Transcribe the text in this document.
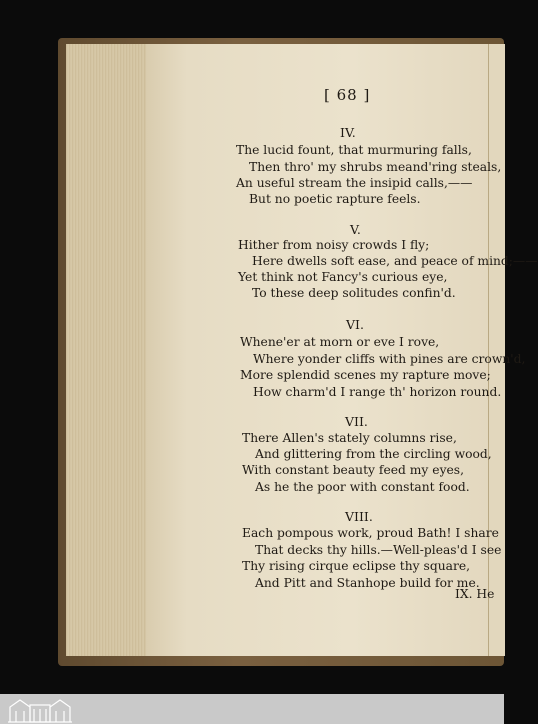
[ 68 ]
IV.
The lucid fount, that murmuring falls,
Then thro' my shrubs meand'ring steals,
An useful stream the insipid calls,——
But no poetic rapture feels.
V.
Hither from noisy crowds I fly;
Here dwells soft ease, and peace of mind;——
Yet think not Fancy's curious eye,
To these deep solitudes confin'd.
VI.
Whene'er at morn or eve I rove,
Where yonder cliffs with pines are crown'd,
More splendid scenes my rapture move;
How charm'd I range th' horizon round.
VII.
There Allen's stately columns rise,
And glittering from the circling wood,
With constant beauty feed my eyes,
As he the poor with constant food.
VIII.
Each pompous work, proud Bath! I share
That decks thy hills.—Well-pleas'd I see
Thy rising cirque eclipse thy square,
And Pitt and Stanhope build for me.
IX. He
